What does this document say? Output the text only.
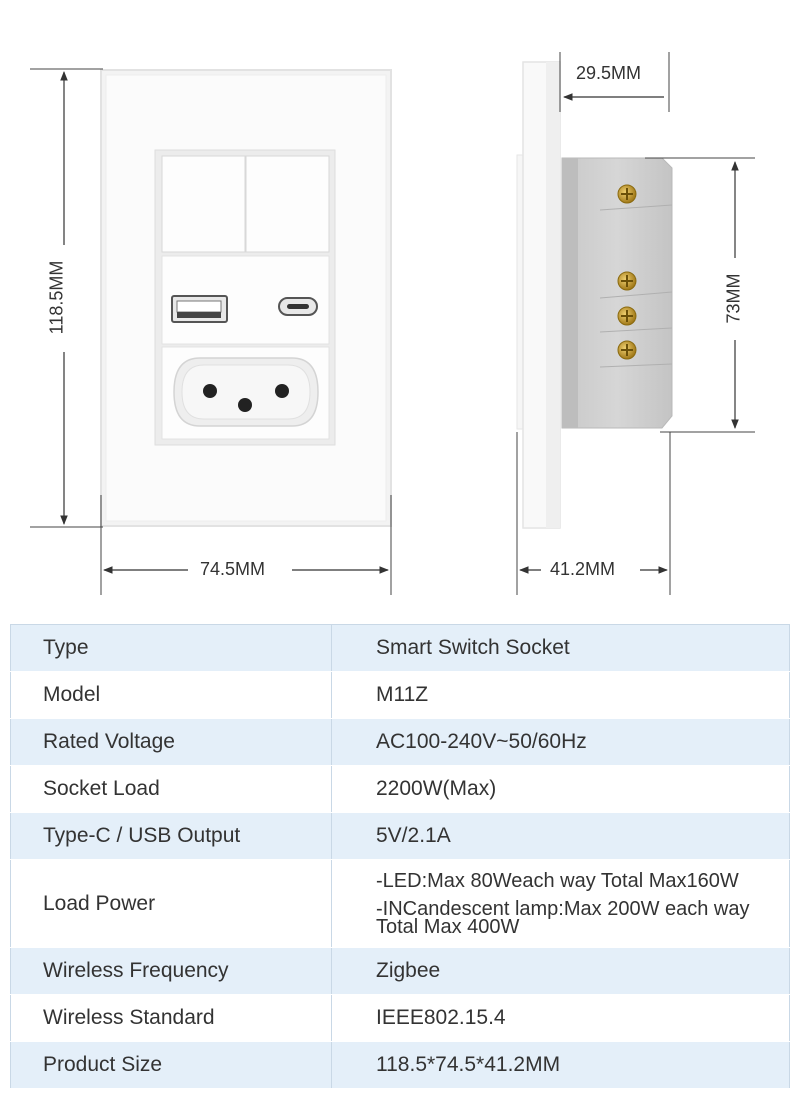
118.5MM
74.5MM
29.5MM
73MM
41.2MM
Type	Smart Switch Socket
Model	M11Z
Rated Voltage	AC100-240V~50/60Hz
Socket Load	2200W(Max)
Type-C / USB Output	5V/2.1A
Load Power	-LED:Max 80Weach way Total Max160W
-INCandescent lamp:Max 200W each way
Total Max 400W

Wireless Frequency	Zigbee
Wireless Standard	IEEE802.15.4
Product Size	118.5*74.5*41.2MM
